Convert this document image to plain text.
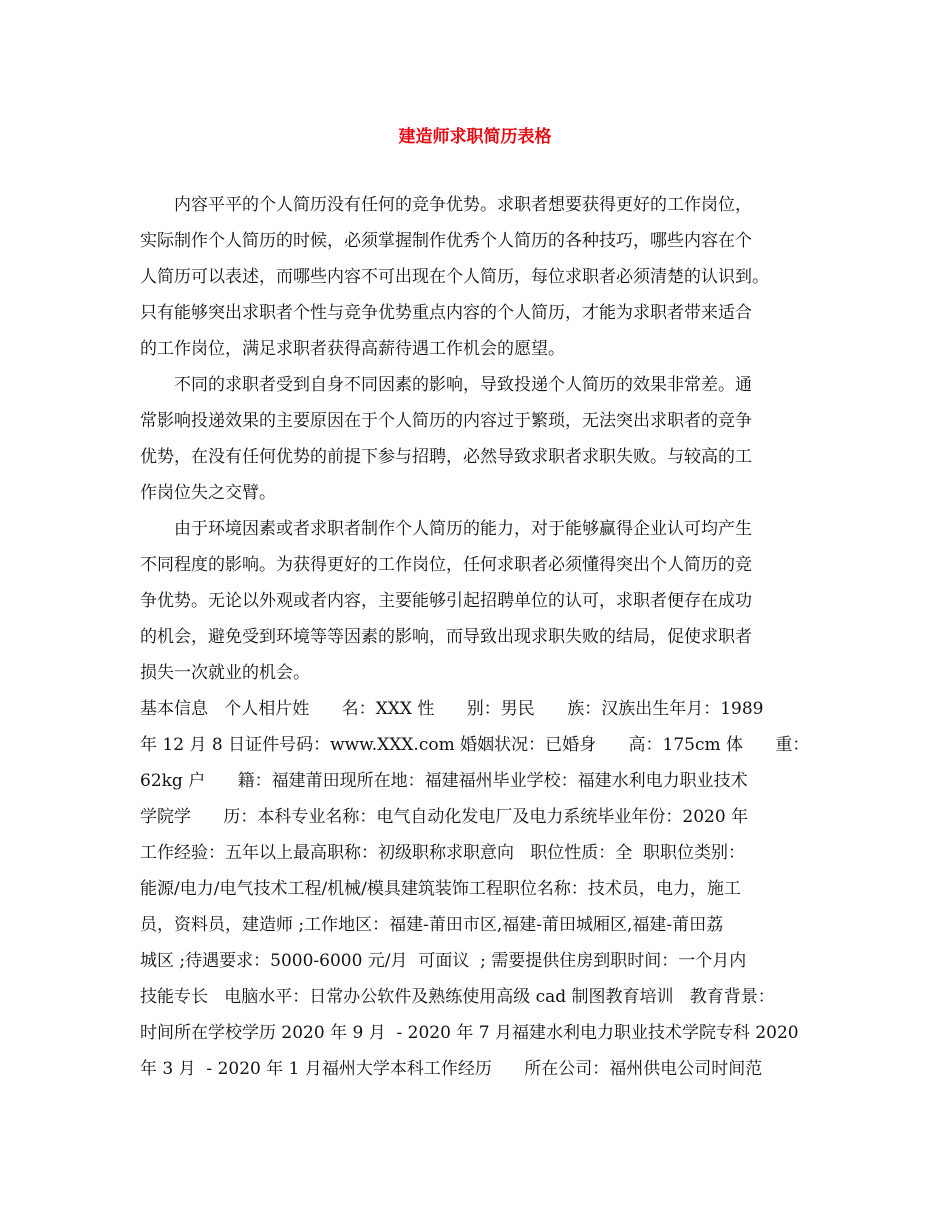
建造师求职简历表格

内容平平的个人简历没有任何的竞争优势。求职者想要获得更好的工作岗位，

实际制作个人简历的时候，必须掌握制作优秀个人简历的各种技巧，哪些内容在个

人简历可以表述，而哪些内容不可出现在个人简历，每位求职者必须清楚的认识到。

只有能够突出求职者个性与竞争优势重点内容的个人简历，才能为求职者带来适合

的工作岗位，满足求职者获得高薪待遇工作机会的愿望。

不同的求职者受到自身不同因素的影响，导致投递个人简历的效果非常差。通

常影响投递效果的主要原因在于个人简历的内容过于繁琐，无法突出求职者的竞争

优势，在没有任何优势的前提下参与招聘，必然导致求职者求职失败。与较高的工

作岗位失之交臂。

由于环境因素或者求职者制作个人简历的能力，对于能够赢得企业认可均产生

不同程度的影响。为获得更好的工作岗位，任何求职者必须懂得突出个人简历的竞

争优势。无论以外观或者内容，主要能够引起招聘单位的认可，求职者便存在成功

的机会，避免受到环境等等因素的影响，而导致出现求职失败的结局，促使求职者

损失一次就业的机会。

基本信息   个人相片姓      名：XXX 性      别：男民      族：汉族出生年月：1989

年 12 月 8 日证件号码：www.XXX.com 婚姻状况：已婚身      高：175cm 体      重：

62kg 户      籍：福建莆田现所在地：福建福州毕业学校：福建水利电力职业技术

学院学      历：本科专业名称：电气自动化发电厂及电力系统毕业年份：2020 年

工作经验：五年以上最高职称：初级职称求职意向   职位性质：全  职职位类别：

能源/电力/电气技术工程/机械/模具建筑装饰工程职位名称：技术员，电力，施工

员，资料员，建造师 ;工作地区：福建-莆田市区,福建-莆田城厢区,福建-莆田荔

城区 ;待遇要求：5000-6000 元/月  可面议  ; 需要提供住房到职时间：一个月内

技能专长   电脑水平：日常办公软件及熟练使用高级 cad 制图教育培训   教育背景：

时间所在学校学历 2020 年 9 月  - 2020 年 7 月福建水利电力职业技术学院专科 2020

年 3 月  - 2020 年 1 月福州大学本科工作经历      所在公司：福州供电公司时间范
